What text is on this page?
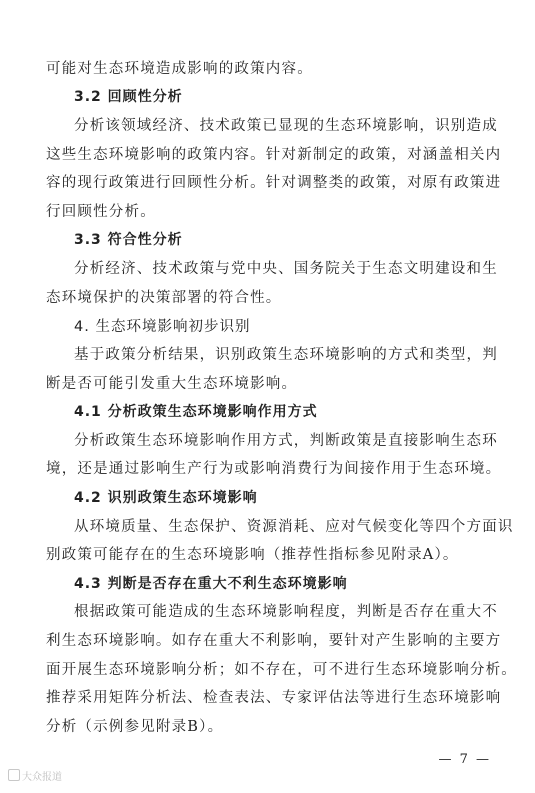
可能对生态环境造成影响的政策内容。
3.2 回顾性分析
分析该领域经济、技术政策已显现的生态环境影响，识别造成
这些生态环境影响的政策内容。针对新制定的政策，对涵盖相关内
容的现行政策进行回顾性分析。针对调整类的政策，对原有政策进
行回顾性分析。
3.3 符合性分析
分析经济、技术政策与党中央、国务院关于生态文明建设和生
态环境保护的决策部署的符合性。
4. 生态环境影响初步识别
基于政策分析结果，识别政策生态环境影响的方式和类型，判
断是否可能引发重大生态环境影响。
4.1 分析政策生态环境影响作用方式
分析政策生态环境影响作用方式，判断政策是直接影响生态环
境，还是通过影响生产行为或影响消费行为间接作用于生态环境。
4.2 识别政策生态环境影响
从环境质量、生态保护、资源消耗、应对气候变化等四个方面识
别政策可能存在的生态环境影响（推荐性指标参见附录A）。
4.3 判断是否存在重大不利生态环境影响
根据政策可能造成的生态环境影响程度，判断是否存在重大不
利生态环境影响。如存在重大不利影响，要针对产生影响的主要方
面开展生态环境影响分析；如不存在，可不进行生态环境影响分析。
推荐采用矩阵分析法、检查表法、专家评估法等进行生态环境影响
分析（示例参见附录B）。
— 7 —
大众报道
